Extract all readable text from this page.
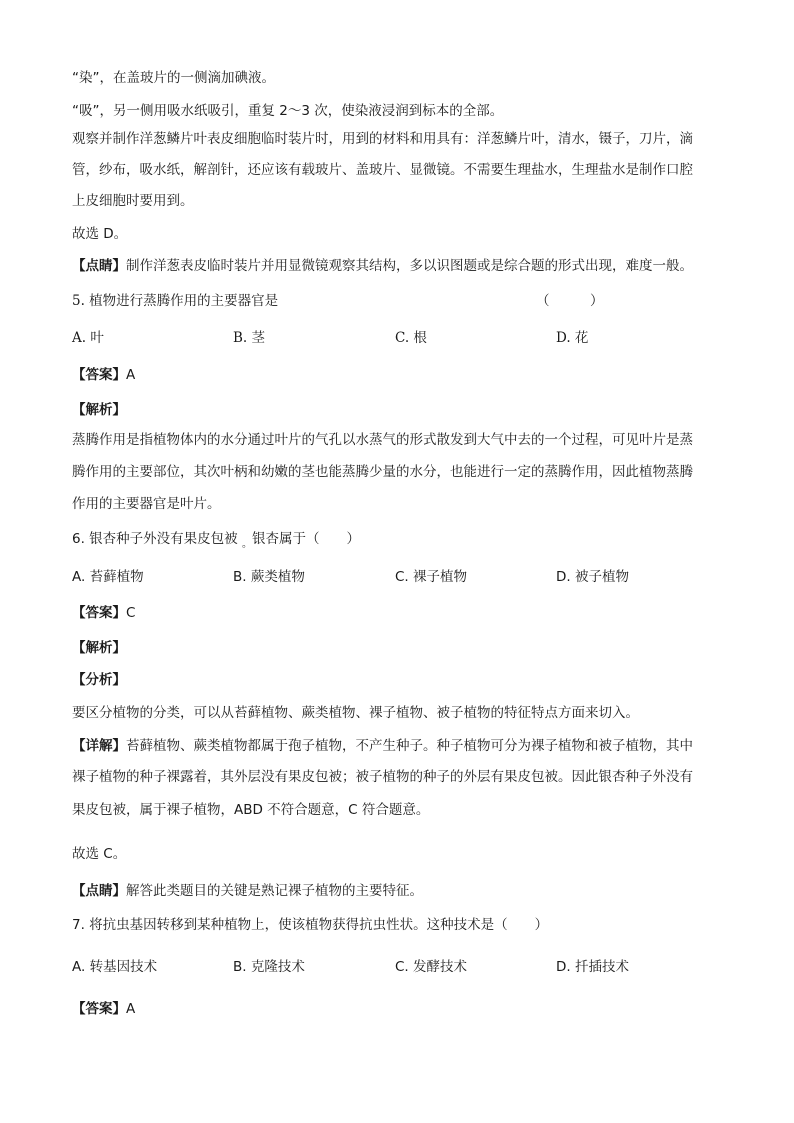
“染”，在盖玻片的一侧滴加碘液。
“吸”，另一侧用吸水纸吸引，重复 2～3 次，使染液浸润到标本的全部。
观察并制作洋葱鳞片叶表皮细胞临时装片时，用到的材料和用具有：洋葱鳞片叶，清水，镊子，刀片，滴
管，纱布，吸水纸，解剖针，还应该有载玻片、盖玻片、显微镜。不需要生理盐水，生理盐水是制作口腔
上皮细胞时要用到。
故选 D。
【点睛】制作洋葱表皮临时装片并用显微镜观察其结构，多以识图题或是综合题的形式出现，难度一般。
5. 植物进行蒸腾作用的主要器官是	（　　　）
A. 叶	B. 茎	C. 根	D. 花
【答案】A
【解析】
蒸腾作用是指植物体内的水分通过叶片的气孔以水蒸气的形式散发到大气中去的一个过程，可见叶片是蒸
腾作用的主要部位，其次叶柄和幼嫩的茎也能蒸腾少量的水分，也能进行一定的蒸腾作用，因此植物蒸腾
作用的主要器官是叶片。
6. 银杏种子外没有果皮包被 $_。$银杏属于（　　）
A. 苔藓植物	B. 蕨类植物	C. 裸子植物	D. 被子植物
【答案】C
【解析】
【分析】
要区分植物的分类，可以从苔藓植物、蕨类植物、裸子植物、被子植物的特征特点方面来切入。
【详解】苔藓植物、蕨类植物都属于孢子植物，不产生种子。种子植物可分为裸子植物和被子植物，其中
裸子植物的种子裸露着，其外层没有果皮包被；被子植物的种子的外层有果皮包被。因此银杏种子外没有
果皮包被，属于裸子植物，ABD 不符合题意，C 符合题意。
故选 C。
【点睛】解答此类题目的关键是熟记裸子植物的主要特征。
7. 将抗虫基因转移到某种植物上，使该植物获得抗虫性状。这种技术是（　　）
A. 转基因技术	B. 克隆技术	C. 发酵技术	D. 扦插技术
【答案】A
